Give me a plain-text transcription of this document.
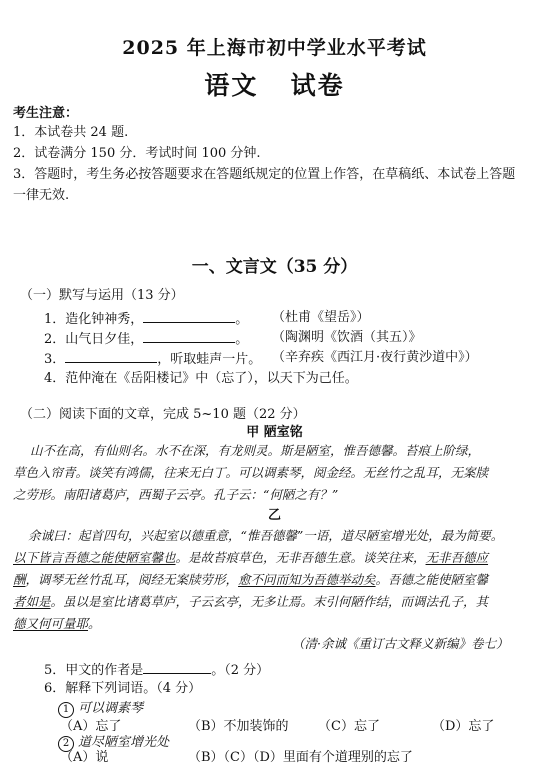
2025 年上海市初中学业水平考试
语文 试卷
考生注意：
1．本试卷共 24 题.
2．试卷满分 150 分．考试时间 100 分钟.
3．答题时，考生务必按答题要求在答题纸规定的位置上作答，在草稿纸、本试卷上答题
一律无效.
一、文言文（35 分）
（一）默写与运用（13 分）
1．造化钟神秀，	。 （杜甫《望岳》）
2．山气日夕佳，	。 （陶渊明《饮酒（其五）》
3．	，听取蛙声一片。 （辛弃疾《西江月·夜行黄沙道中》）
4．范仲淹在《岳阳楼记》中（忘了），以天下为己任。
（二）阅读下面的文章，完成 5~10 题（22 分）
甲 陋室铭
山不在高，有仙则名。水不在深，有龙则灵。斯是陋室，惟吾德馨。苔痕上阶绿，
草色入帘青。谈笑有鸿儒，往来无白丁。可以调素琴，阅金经。无丝竹之乱耳，无案牍
之劳形。南阳诸葛庐，西蜀子云亭。孔子云：“何陋之有？”
乙
余诚曰：起首四句，兴起室以德重意，“惟吾德馨”一语，道尽陋室增光处，最为简要。
以下皆言吾德之能使陋室馨也。是故苔痕草色，无非吾德生意。谈笑往来，无非吾德应
酬，调琴无丝竹乱耳，阅经无案牍劳形，愈不问而知为吾德举动矣。吾德之能使陋室馨
者如是。虽以是室比诸葛草庐，子云玄亭，无多让焉。末引何陋作结，而调法孔子，其
德又何可量耶。
（清·余诚《重订古文释义新编》卷七）
5．甲文的作者是	。（2 分）
6．解释下列词语。（4 分）
1 可以调素琴
（A）忘了	（B）不加装饰的 （C）忘了	（D）忘了
2 道尽陋室增光处
（A）说	（B）（C）（D）里面有个道理别的忘了
